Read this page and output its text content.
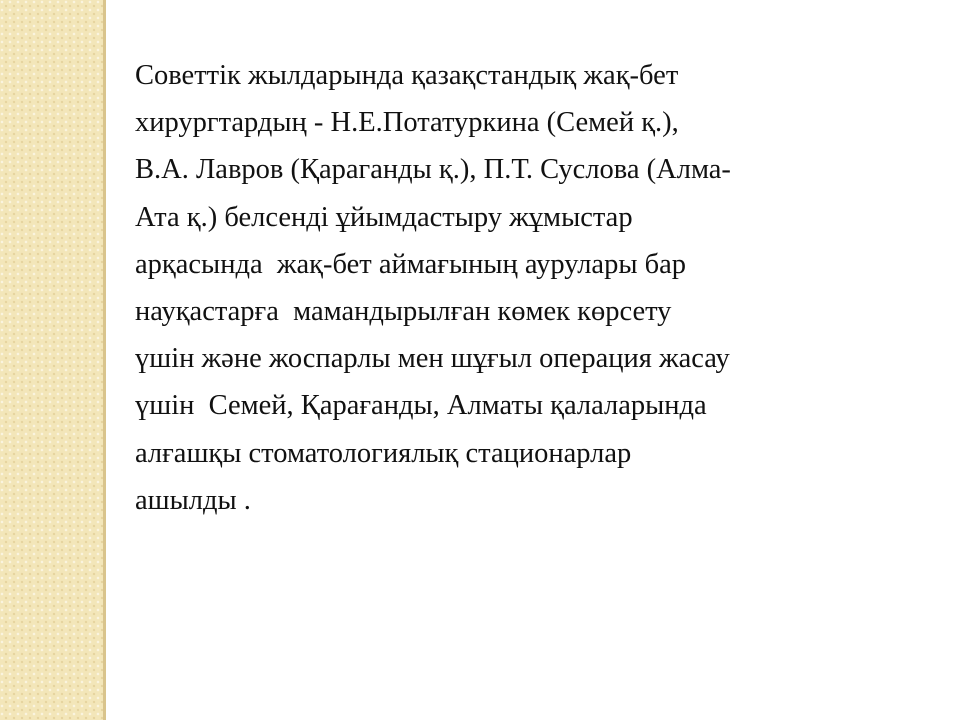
Советтік жылдарында қазақстандық жақ-бет
хирургтардың - Н.Е.Потатуркина (Семей қ.),
В.А. Лавров (Қараганды қ.), П.Т. Суслова (Алма-
Ата қ.) белсенді ұйымдастыру жұмыстар
арқасында  жақ-бет аймағының аурулары бар
науқастарға  мамандырылған көмек көрсету
үшін және жоспарлы мен шұғыл операция жасау
үшін  Семей, Қарағанды, Алматы қалаларында
алғашқы стоматологиялық стационарлар
ашылды .
